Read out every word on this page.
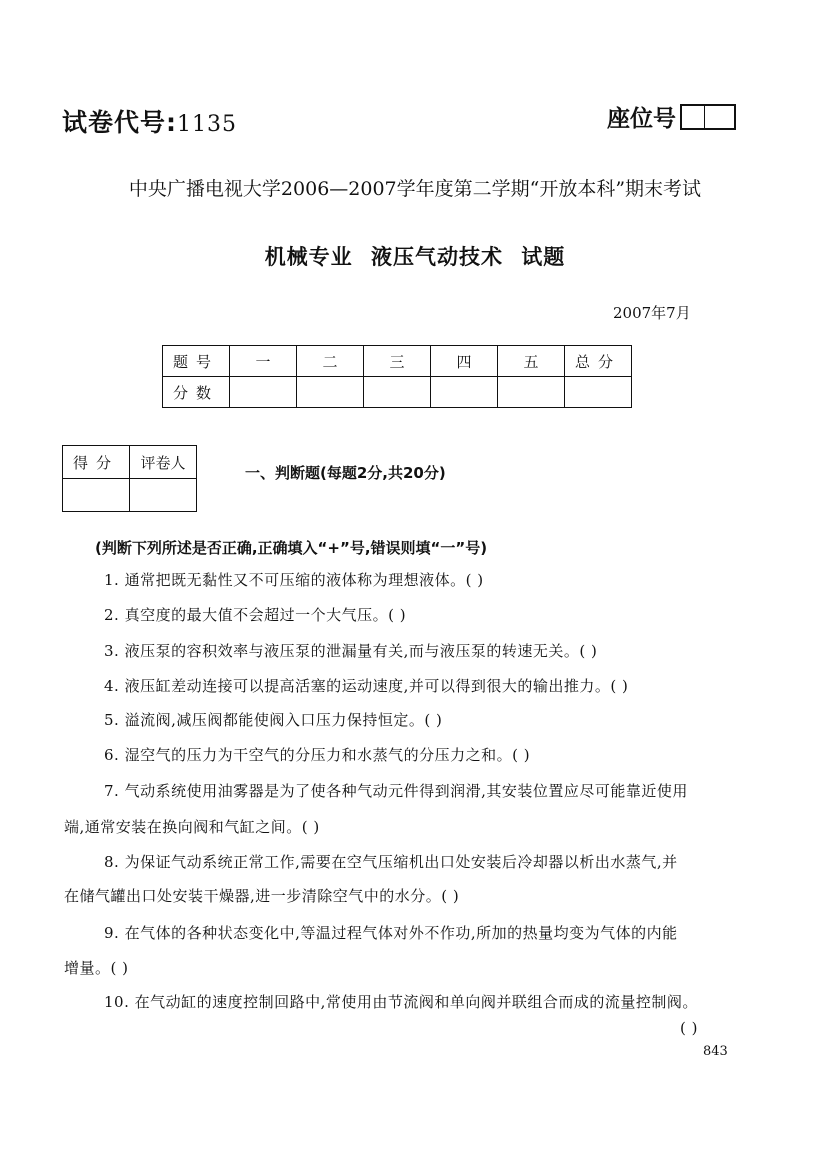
试卷代号:1135	座位号
中央广播电视大学2006—2007学年度第二学期“开放本科”期末考试
机械专业 液压气动技术 试题
2007年7月
题号	一	二	三	四	五	总分
分数						
得分	评卷人

一、判断题(每题2分,共20分)
(判断下列所述是否正确,正确填入“+”号,错误则填“一”号)
1. 通常把既无黏性又不可压缩的液体称为理想液体。( )
2. 真空度的最大值不会超过一个大气压。( )
3. 液压泵的容积效率与液压泵的泄漏量有关,而与液压泵的转速无关。( )
4. 液压缸差动连接可以提高活塞的运动速度,并可以得到很大的输出推力。( )
5. 溢流阀,减压阀都能使阀入口压力保持恒定。( )
6. 湿空气的压力为干空气的分压力和水蒸气的分压力之和。( )
7. 气动系统使用油雾器是为了使各种气动元件得到润滑,其安装位置应尽可能靠近使用
端,通常安装在换向阀和气缸之间。( )
8. 为保证气动系统正常工作,需要在空气压缩机出口处安装后冷却器以析出水蒸气,并
在储气罐出口处安装干燥器,进一步清除空气中的水分。( )
9. 在气体的各种状态变化中,等温过程气体对外不作功,所加的热量均变为气体的内能
增量。( )
10. 在气动缸的速度控制回路中,常使用由节流阀和单向阀并联组合而成的流量控制阀。
( )
843
